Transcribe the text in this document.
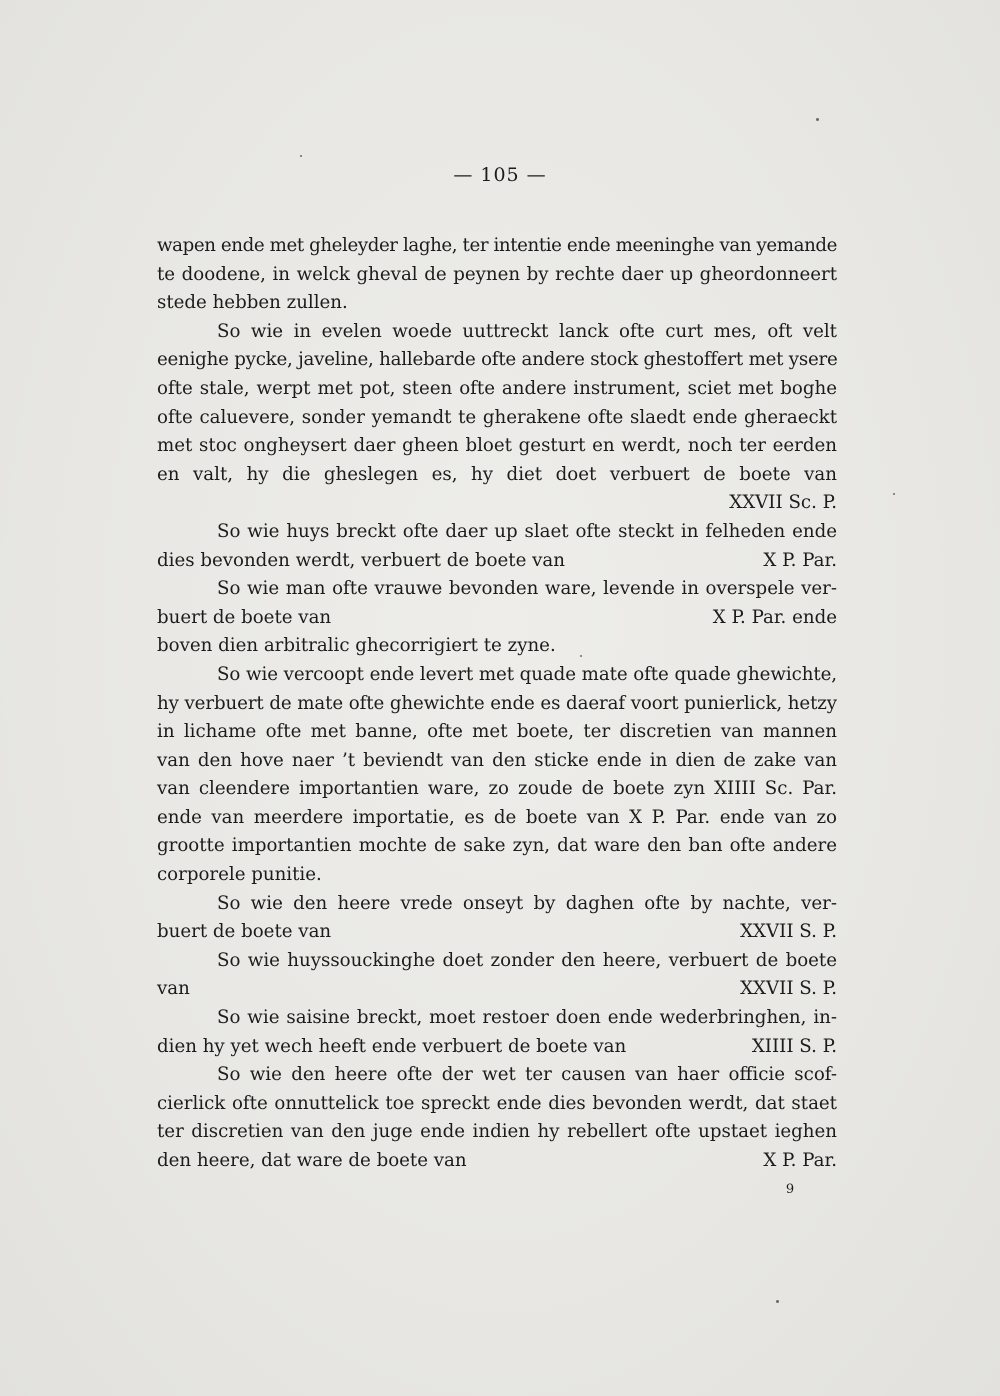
— 105 —
wapen ende met gheleyder laghe, ter intentie ende meeninghe van yemande
te doodene, in welck gheval de peynen by rechte daer up gheordonneert
stede hebben zullen.
So wie in evelen woede uuttreckt lanck ofte curt mes, oft velt
eenighe pycke, javeline, hallebarde ofte andere stock ghestoffert met ysere
ofte stale, werpt met pot, steen ofte andere instrument, sciet met boghe
ofte caluevere, sonder yemandt te gherakene ofte slaedt ende gheraeckt
met stoc ongheysert daer gheen bloet gesturt en werdt, noch ter eerden
en valt, hy die gheslegen es, hy diet doet verbuert de boete van
XXVII Sc. P.
So wie huys breckt ofte daer up slaet ofte steckt in felheden ende
dies bevonden werdt, verbuert de boete van	X P. Par.
So wie man ofte vrauwe bevonden ware, levende in overspele ver-
buert de boete van	X P. Par. ende
boven dien arbitralic ghecorrigiert te zyne.
So wie vercoopt ende levert met quade mate ofte quade ghewichte,
hy verbuert de mate ofte ghewichte ende es daeraf voort punierlick, hetzy
in lichame ofte met banne, ofte met boete, ter discretien van mannen
van den hove naer ’t beviendt van den sticke ende in dien de zake van
van cleendere importantien ware, zo zoude de boete zyn XIIII Sc. Par.
ende van meerdere importatie, es de boete van X P. Par. ende van zo
grootte importantien mochte de sake zyn, dat ware den ban ofte andere
corporele punitie.
So wie den heere vrede onseyt by daghen ofte by nachte, ver-
buert de boete van	XXVII S. P.
So wie huyssouckinghe doet zonder den heere, verbuert de boete
van	XXVII S. P.
So wie saisine breckt, moet restoer doen ende wederbringhen, in-
dien hy yet wech heeft ende verbuert de boete van	XIIII S. P.
So wie den heere ofte der wet ter causen van haer officie scof-
cierlick ofte onnuttelick toe spreckt ende dies bevonden werdt, dat staet
ter discretien van den juge ende indien hy rebellert ofte upstaet ieghen
den heere, dat ware de boete van	X P. Par.
9
